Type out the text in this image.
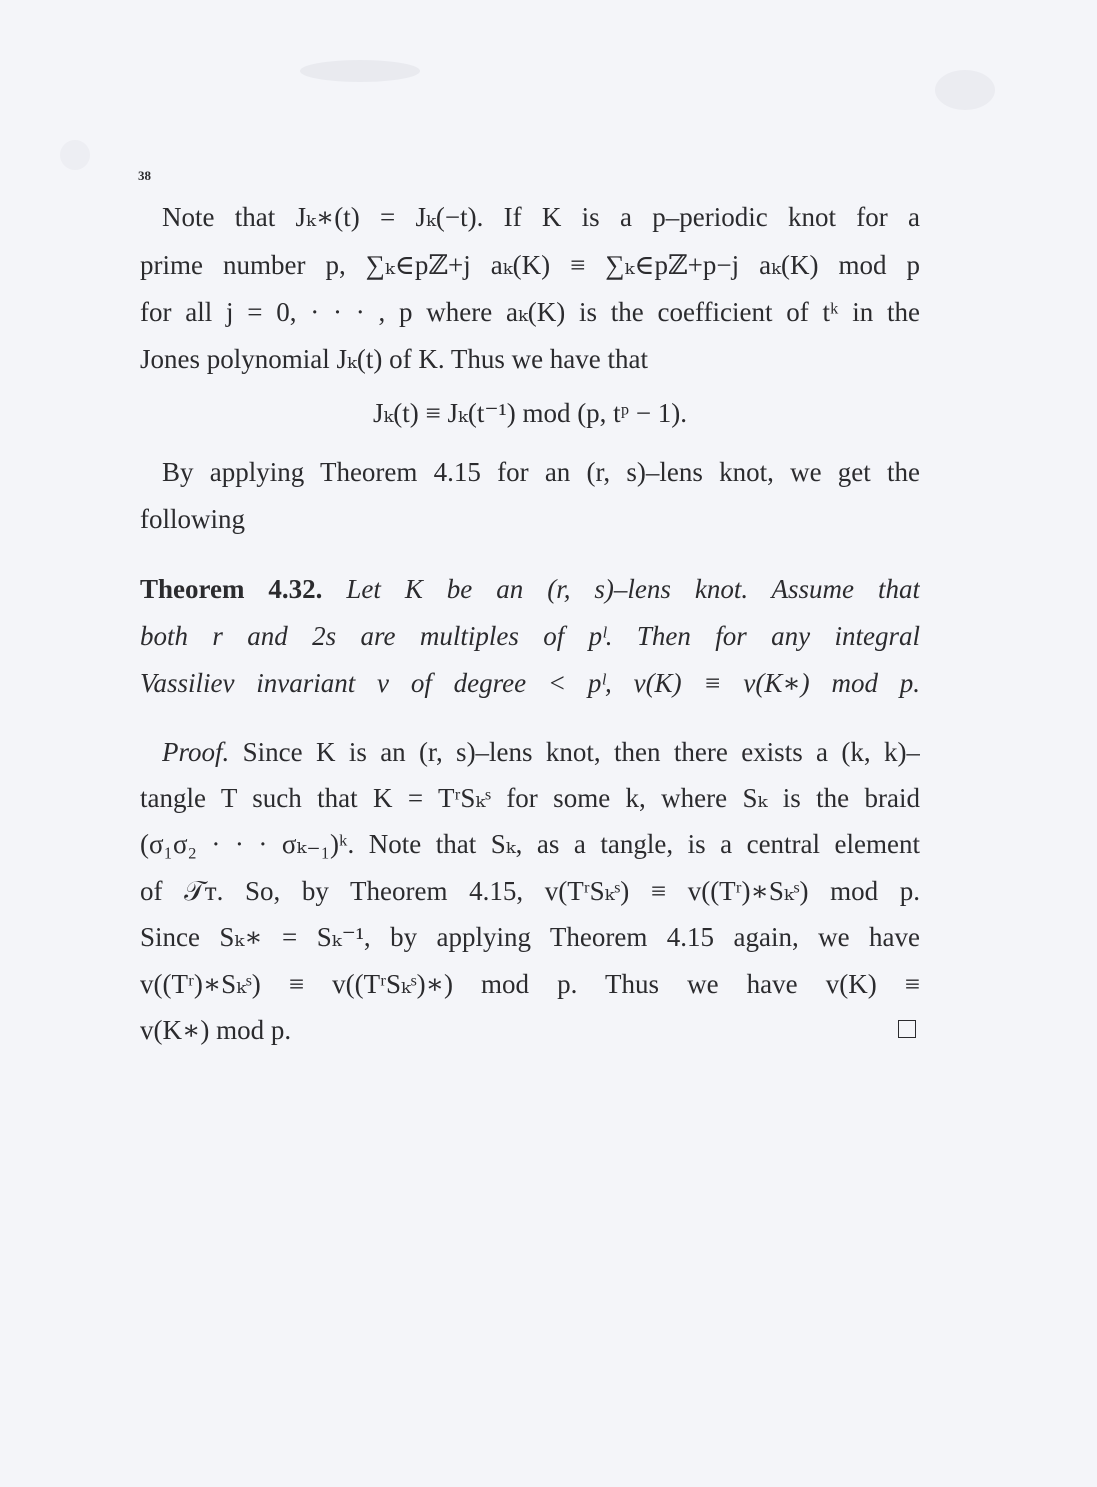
38
Note that Jₖ∗(t) = Jₖ(−t). If K is a p–periodic knot for a
prime number p, ∑ₖ∈pℤ+j aₖ(K) ≡ ∑ₖ∈pℤ+p−j aₖ(K) mod p
for all j = 0, · · · , p where aₖ(K) is the coefficient of tᵏ in the
Jones polynomial Jₖ(t) of K. Thus we have that
Jₖ(t) ≡ Jₖ(t⁻¹) mod (p, tᵖ − 1).
By applying Theorem 4.15 for an (r, s)–lens knot, we get the
following
Theorem 4.32. Let K be an (r, s)–lens knot. Assume that
both r and 2s are multiples of pˡ. Then for any integral
Vassiliev invariant v of degree < pˡ, v(K) ≡ v(K∗) mod p.
Proof. Since K is an (r, s)–lens knot, then there exists a (k, k)–
tangle T such that K = TʳSₖˢ for some k, where Sₖ is the braid
(σ₁σ₂ · · · σₖ₋₁)ᵏ. Note that Sₖ, as a tangle, is a central element
of 𝒯ᴛ. So, by Theorem 4.15, v(TʳSₖˢ) ≡ v((Tʳ)∗Sₖˢ) mod p.
Since Sₖ∗ = Sₖ⁻¹, by applying Theorem 4.15 again, we have
v((Tʳ)∗Sₖˢ) ≡ v((TʳSₖˢ)∗) mod p. Thus we have v(K) ≡
v(K∗) mod p.
